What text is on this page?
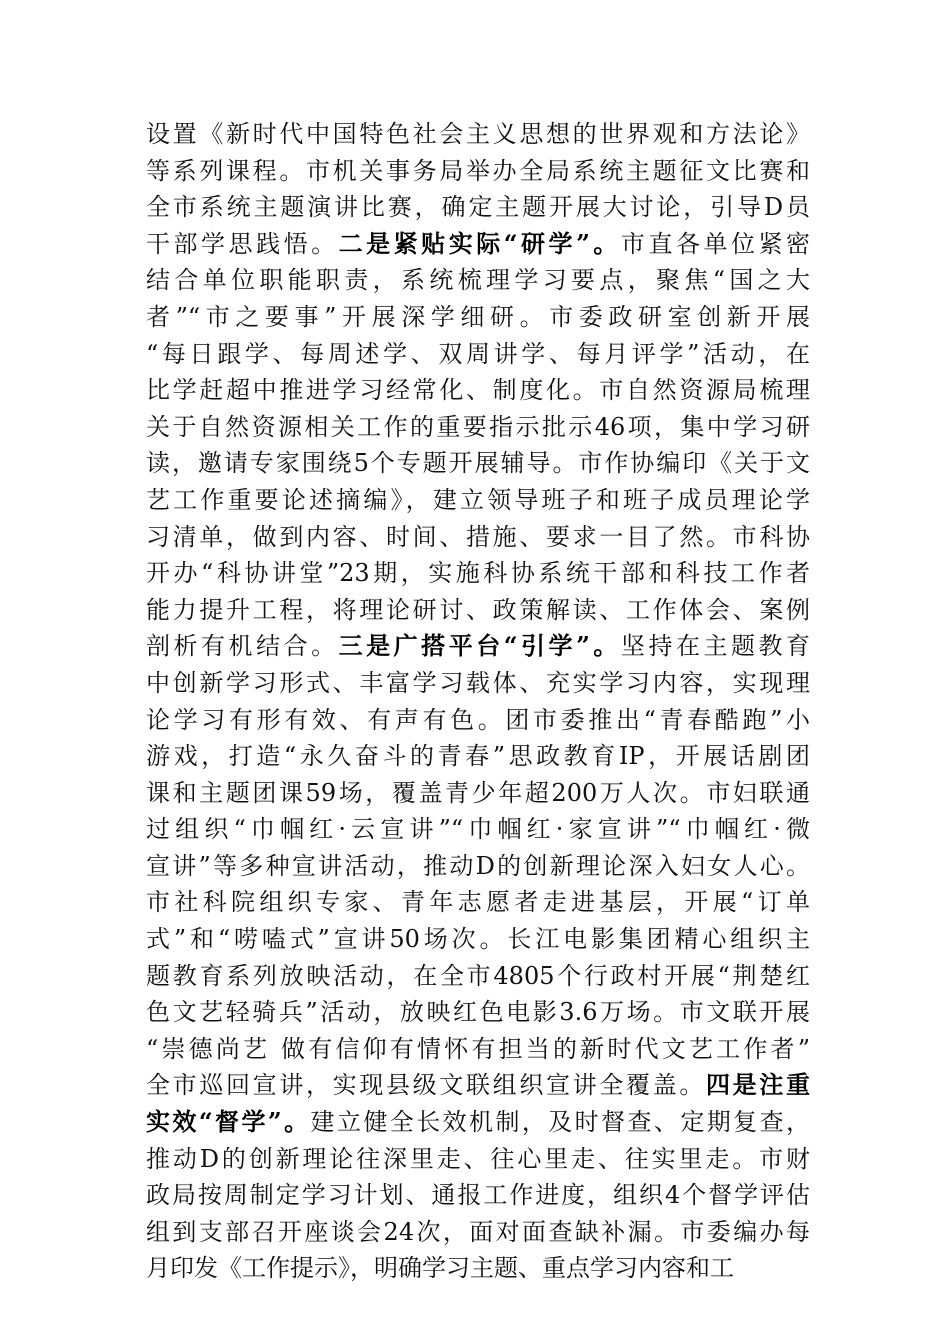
设置《新时代中国特色社会主义思想的世界观和方法论》
等系列课程。市机关事务局举办全局系统主题征文比赛和
全市系统主题演讲比赛，确定主题开展大讨论，引导D员
干部学思践悟。二是紧贴实际“研学”。市直各单位紧密
结合单位职能职责，系统梳理学习要点，聚焦“国之大
者”“市之要事”开展深学细研。市委政研室创新开展
“每日跟学、每周述学、双周讲学、每月评学”活动，在
比学赶超中推进学习经常化、制度化。市自然资源局梳理
关于自然资源相关工作的重要指示批示46项，集中学习研
读，邀请专家围绕5个专题开展辅导。市作协编印《关于文
艺工作重要论述摘编》，建立领导班子和班子成员理论学
习清单，做到内容、时间、措施、要求一目了然。市科协
开办“科协讲堂”23期，实施科协系统干部和科技工作者
能力提升工程，将理论研讨、政策解读、工作体会、案例
剖析有机结合。三是广搭平台“引学”。坚持在主题教育
中创新学习形式、丰富学习载体、充实学习内容，实现理
论学习有形有效、有声有色。团市委推出“青春酷跑”小
游戏，打造“永久奋斗的青春”思政教育IP，开展话剧团
课和主题团课59场，覆盖青少年超200万人次。市妇联通
过组织“巾帼红·云宣讲”“巾帼红·家宣讲”“巾帼红·微
宣讲”等多种宣讲活动，推动D的创新理论深入妇女人心。
市社科院组织专家、青年志愿者走进基层，开展“订单
式”和“唠嗑式”宣讲50场次。长江电影集团精心组织主
题教育系列放映活动，在全市4805个行政村开展“荆楚红
色文艺轻骑兵”活动，放映红色电影3.6万场。市文联开展
“崇德尚艺 做有信仰有情怀有担当的新时代文艺工作者”
全市巡回宣讲，实现县级文联组织宣讲全覆盖。四是注重
实效“督学”。建立健全长效机制，及时督查、定期复查，
推动D的创新理论往深里走、往心里走、往实里走。市财
政局按周制定学习计划、通报工作进度，组织4个督学评估
组到支部召开座谈会24次，面对面查缺补漏。市委编办每
月印发《工作提示》，明确学习主题、重点学习内容和工
